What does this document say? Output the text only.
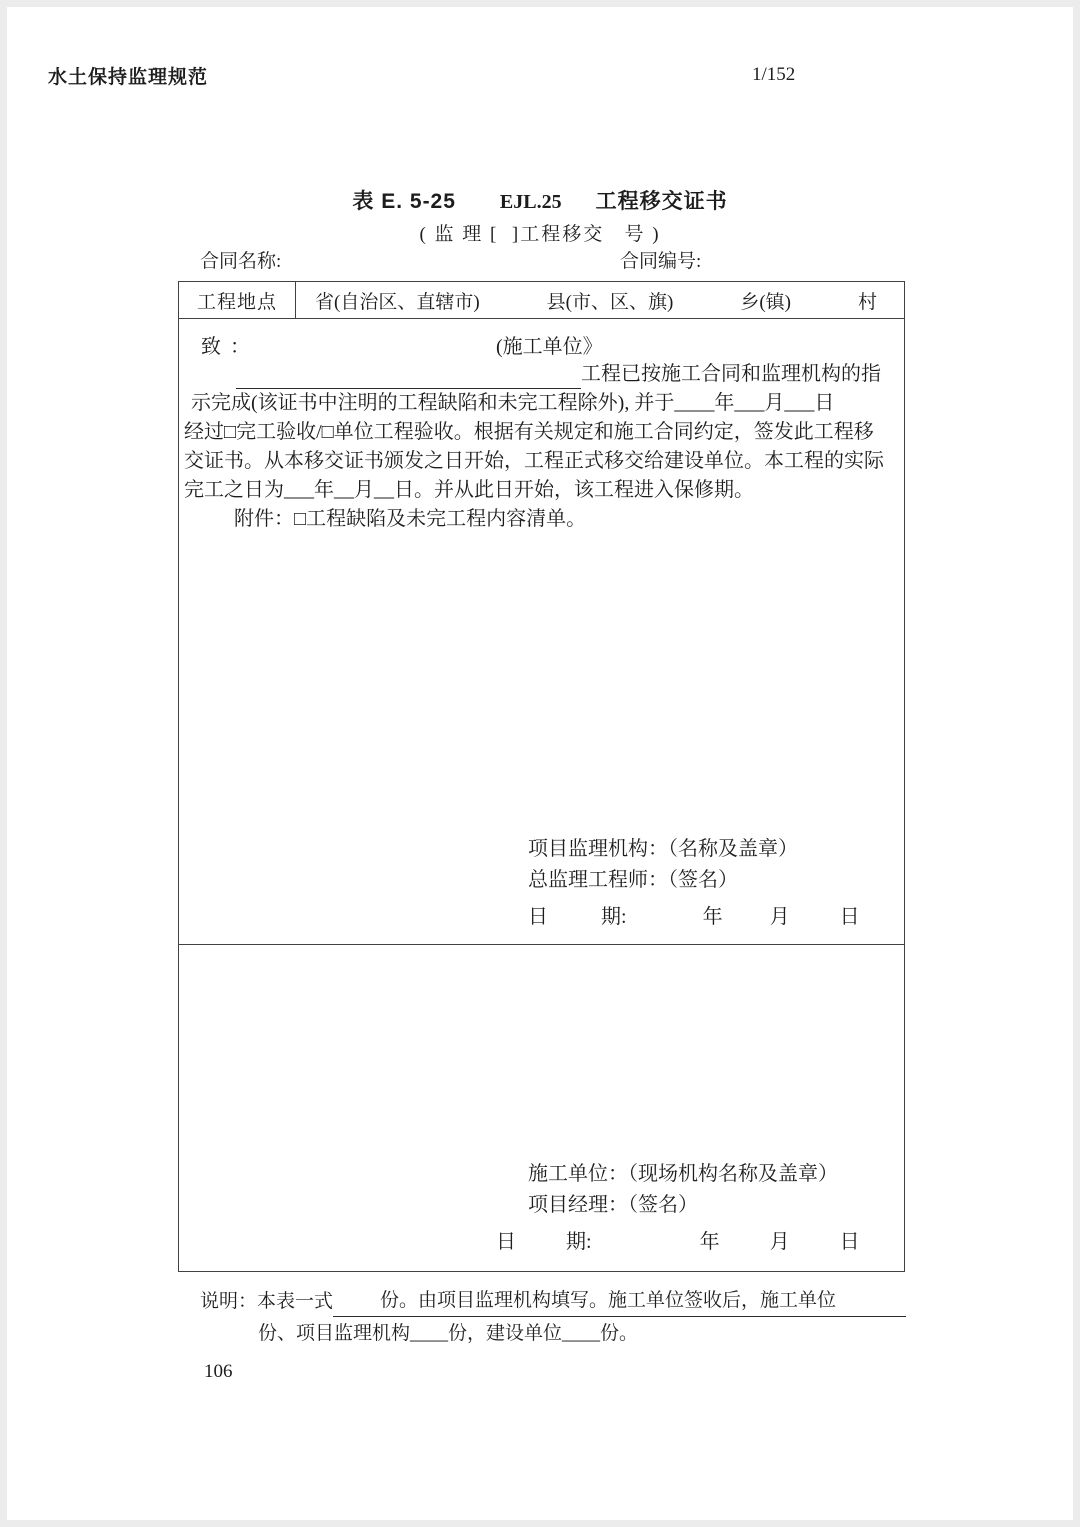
水土保持监理规范	1/152
表 E. 5-25 EJL.25 工程移交证书
( 监 理 [  ]工程移交   号 )
合同名称:	合同编号:
工程地点	省(自治区、直辖市)	县(市、区、旗)	乡(镇)	村
致 ：	(施工单位》
工程已按施工合同和监理机构的指
示完成(该证书中注明的工程缺陷和未完工程除外), 并于____年___月___日
经过□完工验收/□单位工程验收。根据有关规定和施工合同约定，签发此工程移
交证书。从本移交证书颁发之日开始，工程正式移交给建设单位。本工程的实际
完工之日为___年__月__日。并从此日开始，该工程进入保修期。
附件：□工程缺陷及未完工程内容清单。
项目监理机构：（名称及盖章）
总监理工程师：（签名）
日	期:	年 月	日
施工单位：（现场机构名称及盖章）
项目经理：（签名）
日	期:	年	月	日
说明：本表一式 份。由项目监理机构填写。施工单位签收后，施工单位
份、项目监理机构____份，建设单位____份。
106
